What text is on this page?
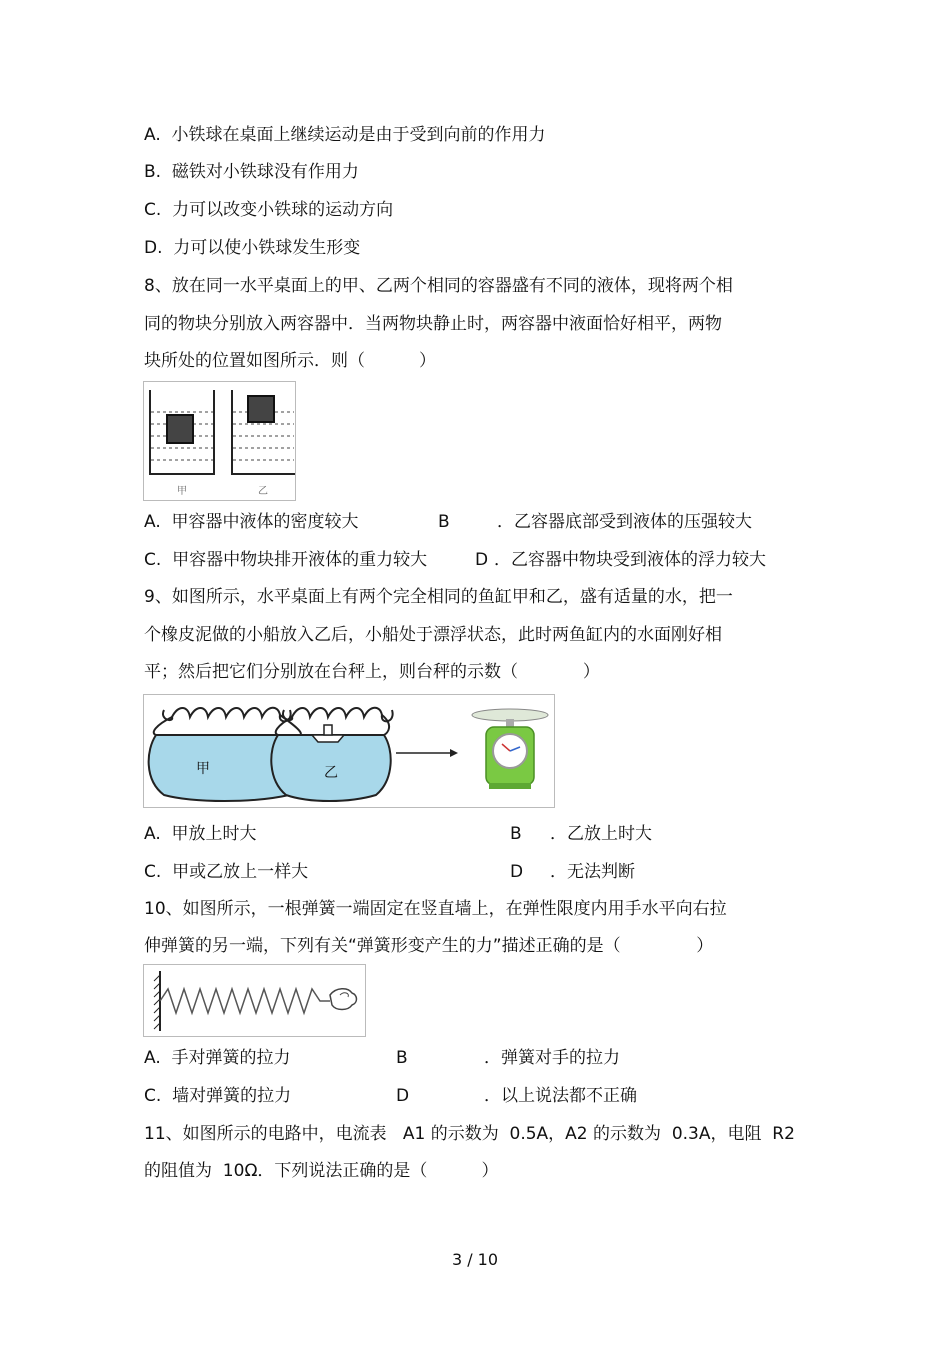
A.  小铁球在桌面上继续运动是由于受到向前的作用力
B.  磁铁对小铁球没有作用力
C.  力可以改变小铁球的运动方向
D.  力可以使小铁球发生形变
8、放在同一水平桌面上的甲、乙两个相同的容器盛有不同的液体，现将两个相
同的物块分别放入两容器中．当两物块静止时，两容器中液面恰好相平，两物
块所处的位置如图所示．则（          ）
甲	乙
A.  甲容器中液体的密度较大	B	．乙容器底部受到液体的压强较大
C.  甲容器中物块排开液体的重力较大	D ．乙容器中物块受到液体的浮力较大
9、如图所示，水平桌面上有两个完全相同的鱼缸甲和乙，盛有适量的水，把一
个橡皮泥做的小船放入乙后，小船处于漂浮状态，此时两鱼缸内的水面刚好相
平；然后把它们分别放在台秤上，则台秤的示数（            ）
甲	乙
A.  甲放上时大	B ．乙放上时大
C.  甲或乙放上一样大	D ．无法判断
10、如图所示，一根弹簧一端固定在竖直墙上，在弹性限度内用手水平向右拉
伸弹簧的另一端，下列有关“弹簧形变产生的力”描述正确的是（              ）
A.  手对弹簧的拉力	B	．弹簧对手的拉力
C.  墙对弹簧的拉力	D	．以上说法都不正确
11、如图所示的电路中，电流表   A1 的示数为  0.5A，A2 的示数为  0.3A，电阻  R2
的阻值为  10Ω．下列说法正确的是（          ）
3 / 10
